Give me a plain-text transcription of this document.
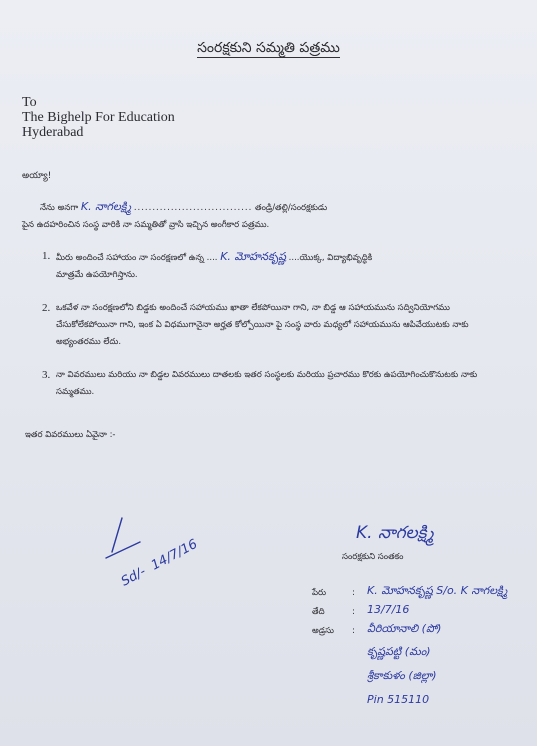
సంరక్షకుని సమ్మతి పత్రము
To
The Bighelp For Education
Hyderabad
అయ్యా!
నేను అనగా K. నాగలక్ష్మి ................................ తండ్రి/తల్లి/సంరక్షకుడు
పైన ఉదహరించిన సంస్థ వారికి నా సమ్మతితో వ్రాసి ఇచ్చిన అంగీకార పత్రము.
1. మీరు అందించే సహాయం నా సంరక్షణలో ఉన్న .... K. మోహనకృష్ణ ....యొక్క, విద్యాభివృద్ధికి
మాత్రమే ఉపయోగిస్తాను.
2. ఒకవేళ నా సంరక్షణలోని బిడ్డకు అందించే సహాయము ఖాతా లేకపోయినా గాని, నా బిడ్డ ఆ సహాయమును సద్వినియోగము చేసుకోలేకపోయినా గాని, ఇంక ఏ విధముగానైనా అర్హత కోల్పోయినా పై సంస్థ వారు మధ్యలో సహాయమును ఆపివేయుటకు నాకు అభ్యంతరము లేదు.
3. నా వివరములు మరియు నా బిడ్డల వివరములు దాతలకు ఇతర సంస్థలకు మరియు ప్రచారము కొరకు ఉపయోగించుకొనుటకు నాకు సమ్మతము.
ఇతర వివరములు ఏవైనా :-
Sd/-
14/7/16
K. నాగలక్ష్మి
సంరక్షకుని సంతకం
పేరు	: K. మోహనకృష్ణ S/o. K నాగలక్ష్మి
తేది	: 13/7/16
అడ్రసు	: వీరియానాలి (పో)
కృష్ణపట్టి (మం)
శ్రీకాకుళం (జిల్లా)
Pin 515110
